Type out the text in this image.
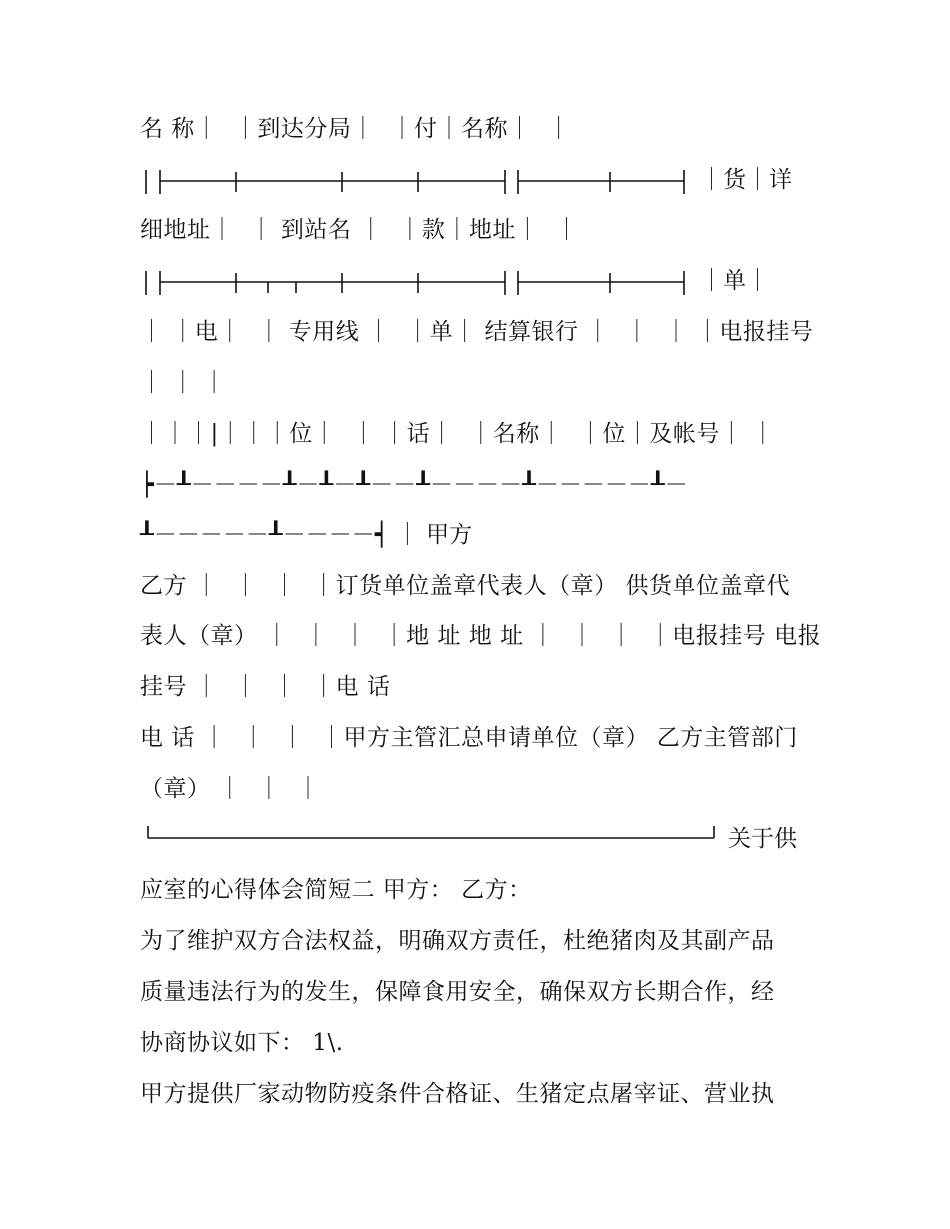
名 称｜  ｜到达分局｜  ｜付｜名称｜  ｜
｜货｜详
细地址｜  ｜ 到站名 ｜  ｜款｜地址｜  ｜
｜单｜
｜ ｜电｜  ｜ 专用线 ｜  ｜单｜ 结算银行 ｜  ｜  ｜ ｜电报挂号
｜ ｜ ｜
｜｜｜|｜｜｜位｜  ｜ ｜话｜  ｜名称｜  ｜位｜及帐号｜ ｜
┝－┸－－－－┸－┸－┸－－┸－－－－┸－－－－－┸－
┸－－－－－┸－－－－┥ ｜ 甲方
乙方 ｜  ｜  ｜  ｜订货单位盖章代表人（章） 供货单位盖章代
表人（章） ｜  ｜  ｜  ｜地 址 地 址 ｜  ｜  ｜  ｜电报挂号 电报
挂号 ｜  ｜  ｜  ｜电 话
电 话 ｜  ｜  ｜  ｜甲方主管汇总申请单位（章） 乙方主管部门
（章） ｜  ｜  ｜
关于供
应室的心得体会简短二 甲方： 乙方：
为了维护双方合法权益，明确双方责任，杜绝猪肉及其副产品
质量违法行为的发生，保障食用安全，确保双方长期合作，经
协商协议如下： 1\.
甲方提供厂家动物防疫条件合格证、生猪定点屠宰证、营业执
